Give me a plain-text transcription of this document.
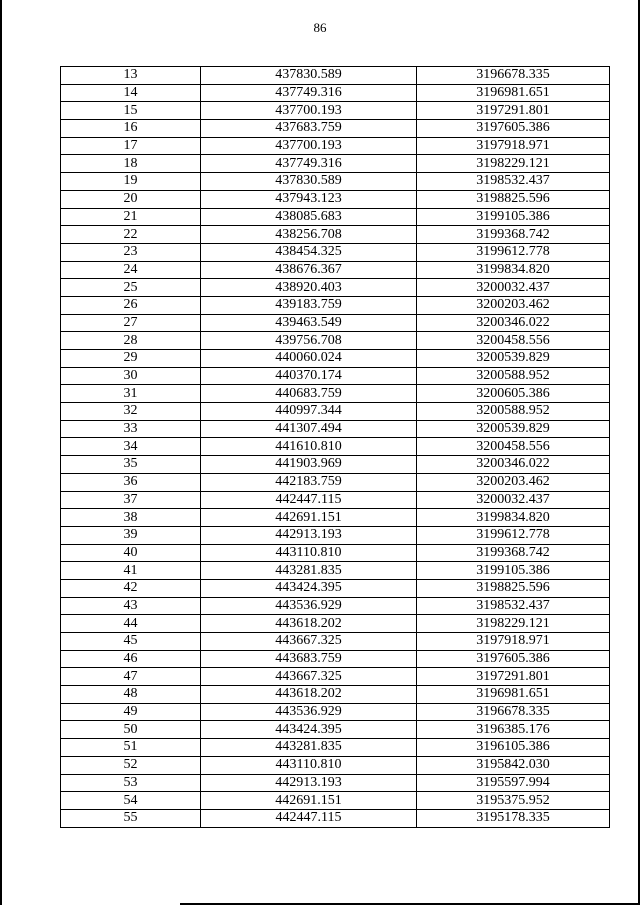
86
13	437830.589	3196678.335
14	437749.316	3196981.651
15	437700.193	3197291.801
16	437683.759	3197605.386
17	437700.193	3197918.971
18	437749.316	3198229.121
19	437830.589	3198532.437
20	437943.123	3198825.596
21	438085.683	3199105.386
22	438256.708	3199368.742
23	438454.325	3199612.778
24	438676.367	3199834.820
25	438920.403	3200032.437
26	439183.759	3200203.462
27	439463.549	3200346.022
28	439756.708	3200458.556
29	440060.024	3200539.829
30	440370.174	3200588.952
31	440683.759	3200605.386
32	440997.344	3200588.952
33	441307.494	3200539.829
34	441610.810	3200458.556
35	441903.969	3200346.022
36	442183.759	3200203.462
37	442447.115	3200032.437
38	442691.151	3199834.820
39	442913.193	3199612.778
40	443110.810	3199368.742
41	443281.835	3199105.386
42	443424.395	3198825.596
43	443536.929	3198532.437
44	443618.202	3198229.121
45	443667.325	3197918.971
46	443683.759	3197605.386
47	443667.325	3197291.801
48	443618.202	3196981.651
49	443536.929	3196678.335
50	443424.395	3196385.176
51	443281.835	3196105.386
52	443110.810	3195842.030
53	442913.193	3195597.994
54	442691.151	3195375.952
55	442447.115	3195178.335
